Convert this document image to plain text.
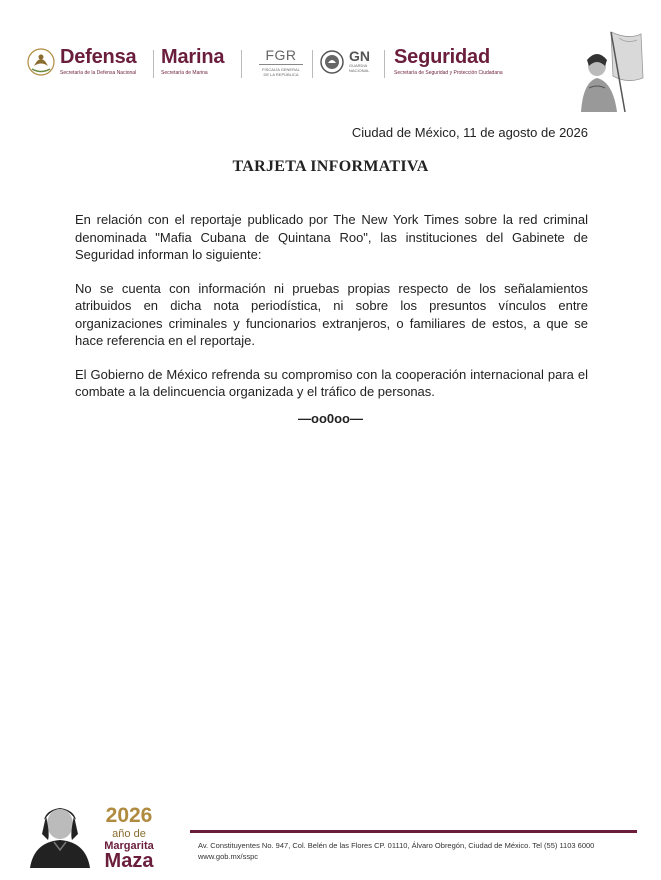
Defensa
Secretaría de la Defensa Nacional
Marina
Secretaría de Marina
FGR
FISCALÍA GENERAL
DE LA REPÚBLICA
GN
GUARDIA
NACIONAL
Seguridad
Secretaría de Seguridad y Protección Ciudadana
Ciudad de México, 11 de agosto de 2026
TARJETA INFORMATIVA

En relación con el reportaje publicado por The New York Times sobre la red criminal denominada "Mafia Cubana de Quintana Roo", las instituciones del Gabinete de Seguridad informan lo siguiente:

No se cuenta con información ni pruebas propias respecto de los señalamientos atribuidos en dicha nota periodística, ni sobre los presuntos vínculos entre organizaciones criminales y funcionarios extranjeros, o familiares de estos, a que se hace referencia en el reportaje.

El Gobierno de México refrenda su compromiso con la cooperación internacional para el combate a la delincuencia organizada y el tráfico de personas.

—oo0oo—
2026
año de
Margarita
Maza
Av. Constituyentes No. 947, Col. Belén de las Flores CP. 01110, Álvaro Obregón, Ciudad de México. Tel (55) 1103 6000 www.gob.mx/sspc
